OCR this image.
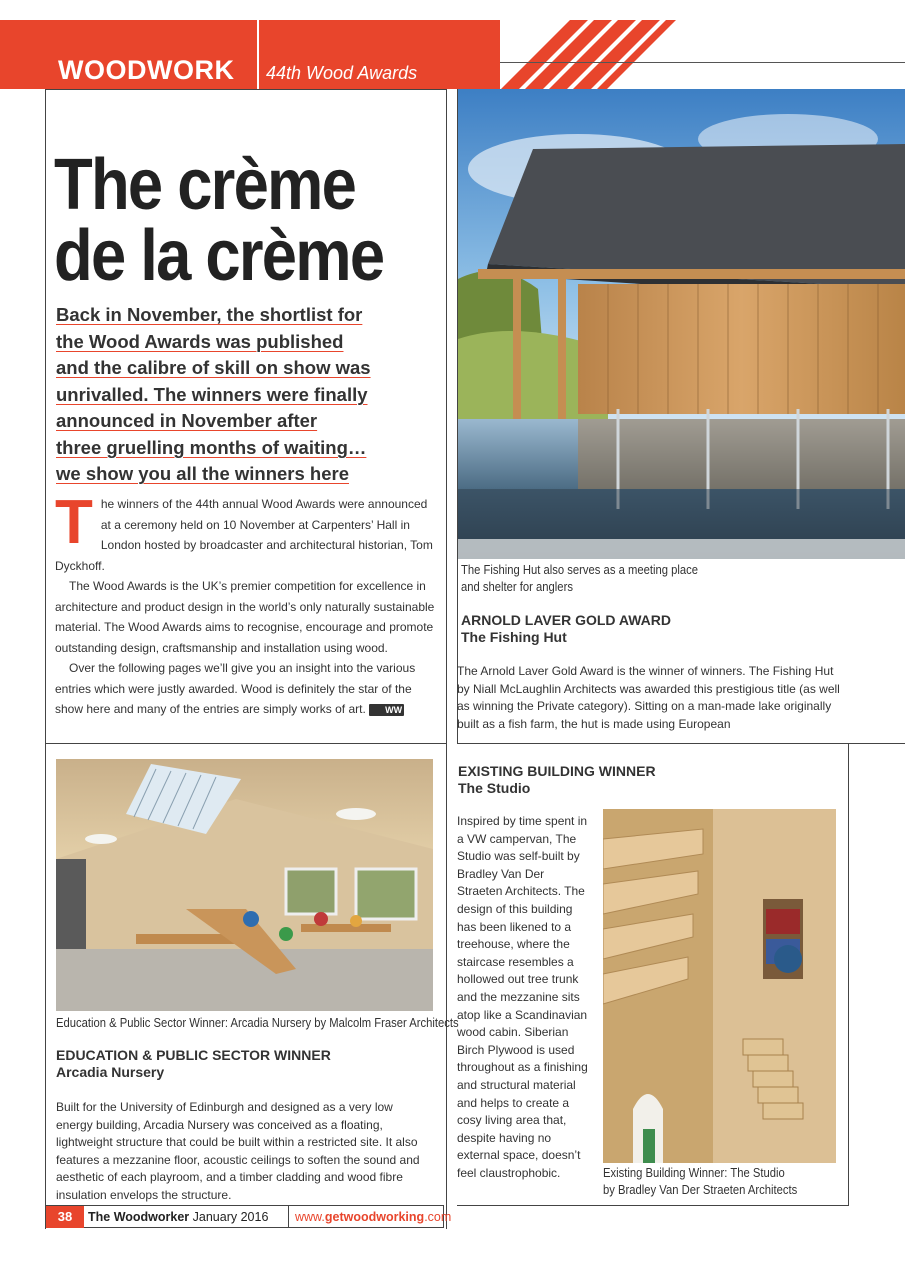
WOODWORK 44th Wood Awards
The crème
de la crème
Back in November, the shortlist for
the Wood Awards was published
and the calibre of skill on show was
unrivalled. The winners were finally
announced in November after
three gruelling months of waiting…
we show you all the winners here
T he winners of the 44th annual Wood Awards were announced at a ceremony held on 10 November at Carpenters’ Hall in London hosted by broadcaster and architectural historian, Tom Dyckhoff.

The Wood Awards is the UK’s premier competition for excellence in architecture and product design in the world’s only naturally sustainable material. The Wood Awards aims to recognise, encourage and promote outstanding design, craftsmanship and installation using wood.

Over the following pages we’ll give you an insight into the various entries which were justly awarded. Wood is definitely the star of the show here and many of the entries are simply works of art. WW

The Fishing Hut also serves as a meeting place
and shelter for anglers
ARNOLD LAVER GOLD AWARD
The Fishing Hut
The Arnold Laver Gold Award is the winner of winners. The Fishing Hut by Niall McLaughlin Architects was awarded this prestigious title (as well as winning the Private category). Sitting on a man-made lake originally built as a fish farm, the hut is made using European
Education & Public Sector Winner: Arcadia Nursery by Malcolm Fraser Architects
EDUCATION & PUBLIC SECTOR WINNER
Arcadia Nursery
Built for the University of Edinburgh and designed as a very low energy building, Arcadia Nursery was conceived as a floating, lightweight structure that could be built within a restricted site. It also features a mezzanine floor, acoustic ceilings to soften the sound and aesthetic of each playroom, and a timber cladding and wood fibre insulation envelops the structure.
EXISTING BUILDING WINNER
The Studio
Inspired by time spent in a VW campervan, The Studio was self-built by Bradley Van Der Straeten Architects. The design of this building has been likened to a treehouse, where the staircase resembles a hollowed out tree trunk and the mezzanine sits atop like a Scandinavian wood cabin. Siberian Birch Plywood is used throughout as a finishing and structural material and helps to create a cosy living area that, despite having no external space, doesn’t feel claustrophobic.	Existing Building Winner: The Studio
by Bradley Van Der Straeten Architects
38	The Woodworker January 2016	www.getwoodworking.com
